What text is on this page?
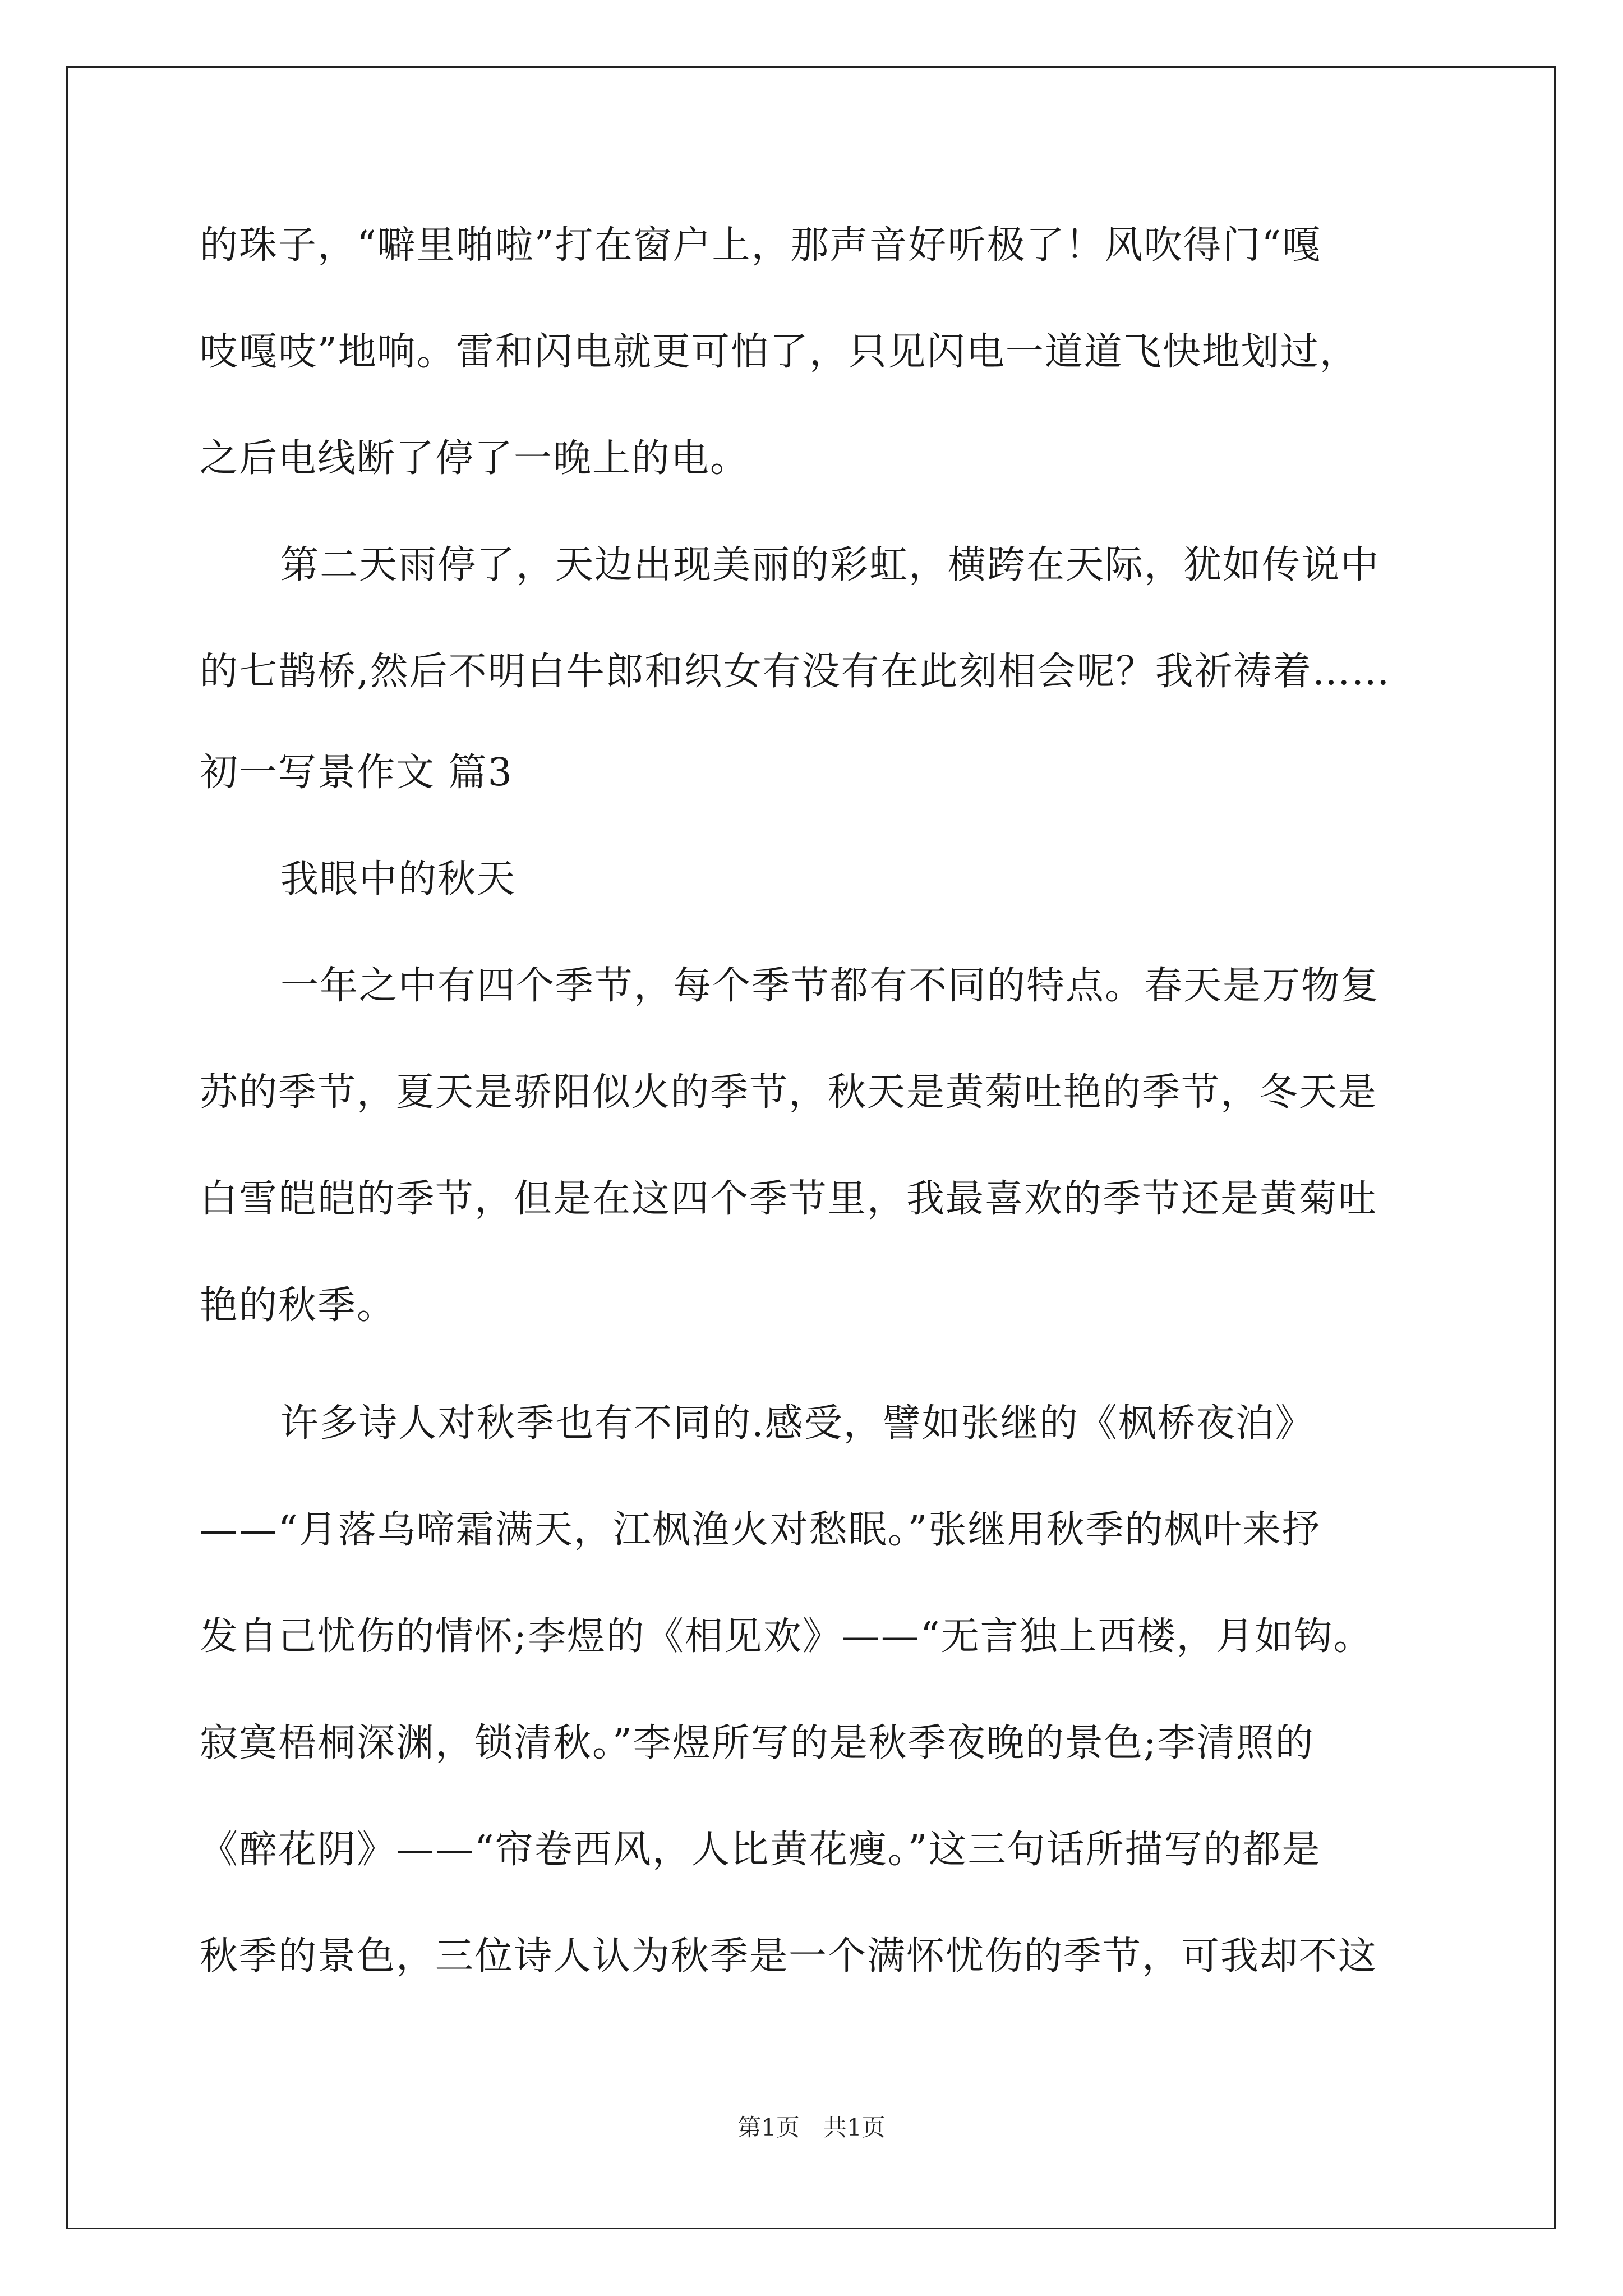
的珠子，“噼里啪啦”打在窗户上，那声音好听极了！风吹得门“嘎
吱嘎吱”地响。雷和闪电就更可怕了，只见闪电一道道飞快地划过，
之后电线断了停了一晚上的电。
第二天雨停了，天边出现美丽的彩虹，横跨在天际，犹如传说中
的七鹊桥,然后不明白牛郎和织女有没有在此刻相会呢？我祈祷着……
初一写景作文 篇3
我眼中的秋天
一年之中有四个季节，每个季节都有不同的特点。春天是万物复
苏的季节，夏天是骄阳似火的季节，秋天是黄菊吐艳的季节，冬天是
白雪皑皑的季节，但是在这四个季节里，我最喜欢的季节还是黄菊吐
艳的秋季。
许多诗人对秋季也有不同的.感受，譬如张继的《枫桥夜泊》
——“月落乌啼霜满天，江枫渔火对愁眠。”张继用秋季的枫叶来抒
发自己忧伤的情怀;李煜的《相见欢》——“无言独上西楼，月如钩。
寂寞梧桐深渊，锁清秋。”李煜所写的是秋季夜晚的景色;李清照的
《醉花阴》——“帘卷西风，人比黄花瘦。”这三句话所描写的都是
秋季的景色，三位诗人认为秋季是一个满怀忧伤的季节，可我却不这
第1页　共1页
